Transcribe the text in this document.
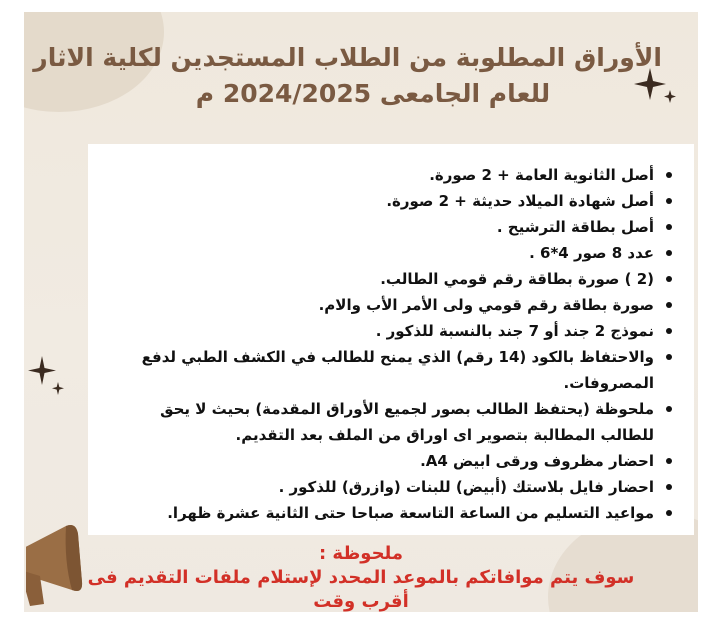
الأوراق المطلوبة من الطلاب المستجدين لكلية الاثار
للعام الجامعى 2024/2025 م
أصل الثانوية العامة + 2 صورة.
أصل شهادة الميلاد حديثة + 2 صورة.
أصل بطاقة الترشيح .
عدد 8 صور 4*6 .
(2 ) صورة بطاقة رقم قومي الطالب.
صورة بطاقة رقم قومي ولى الأمر الأب والام.
نموذج 2 جند أو 7 جند بالنسبة للذكور .
والاحتفاظ بالكود (14 رقم) الذي يمنح للطالب في الكشف الطبي لدفع المصروفات.
ملحوظة (يحتفظ الطالب بصور لجميع الأوراق المقدمة) بحيث لا يحق للطالب المطالبة بتصوير اى اوراق من الملف بعد التقديم.
احضار مظروف ورقى ابيض A4.
احضار فايل بلاستك (أبيض) للبنات (وازرق) للذكور .
مواعيد التسليم من الساعة التاسعة صباحا حتى الثانية عشرة ظهرا.
ملحوظة :
سوف يتم موافاتكم بالموعد المحدد لإستلام ملفات التقديم فى أقرب وقت
